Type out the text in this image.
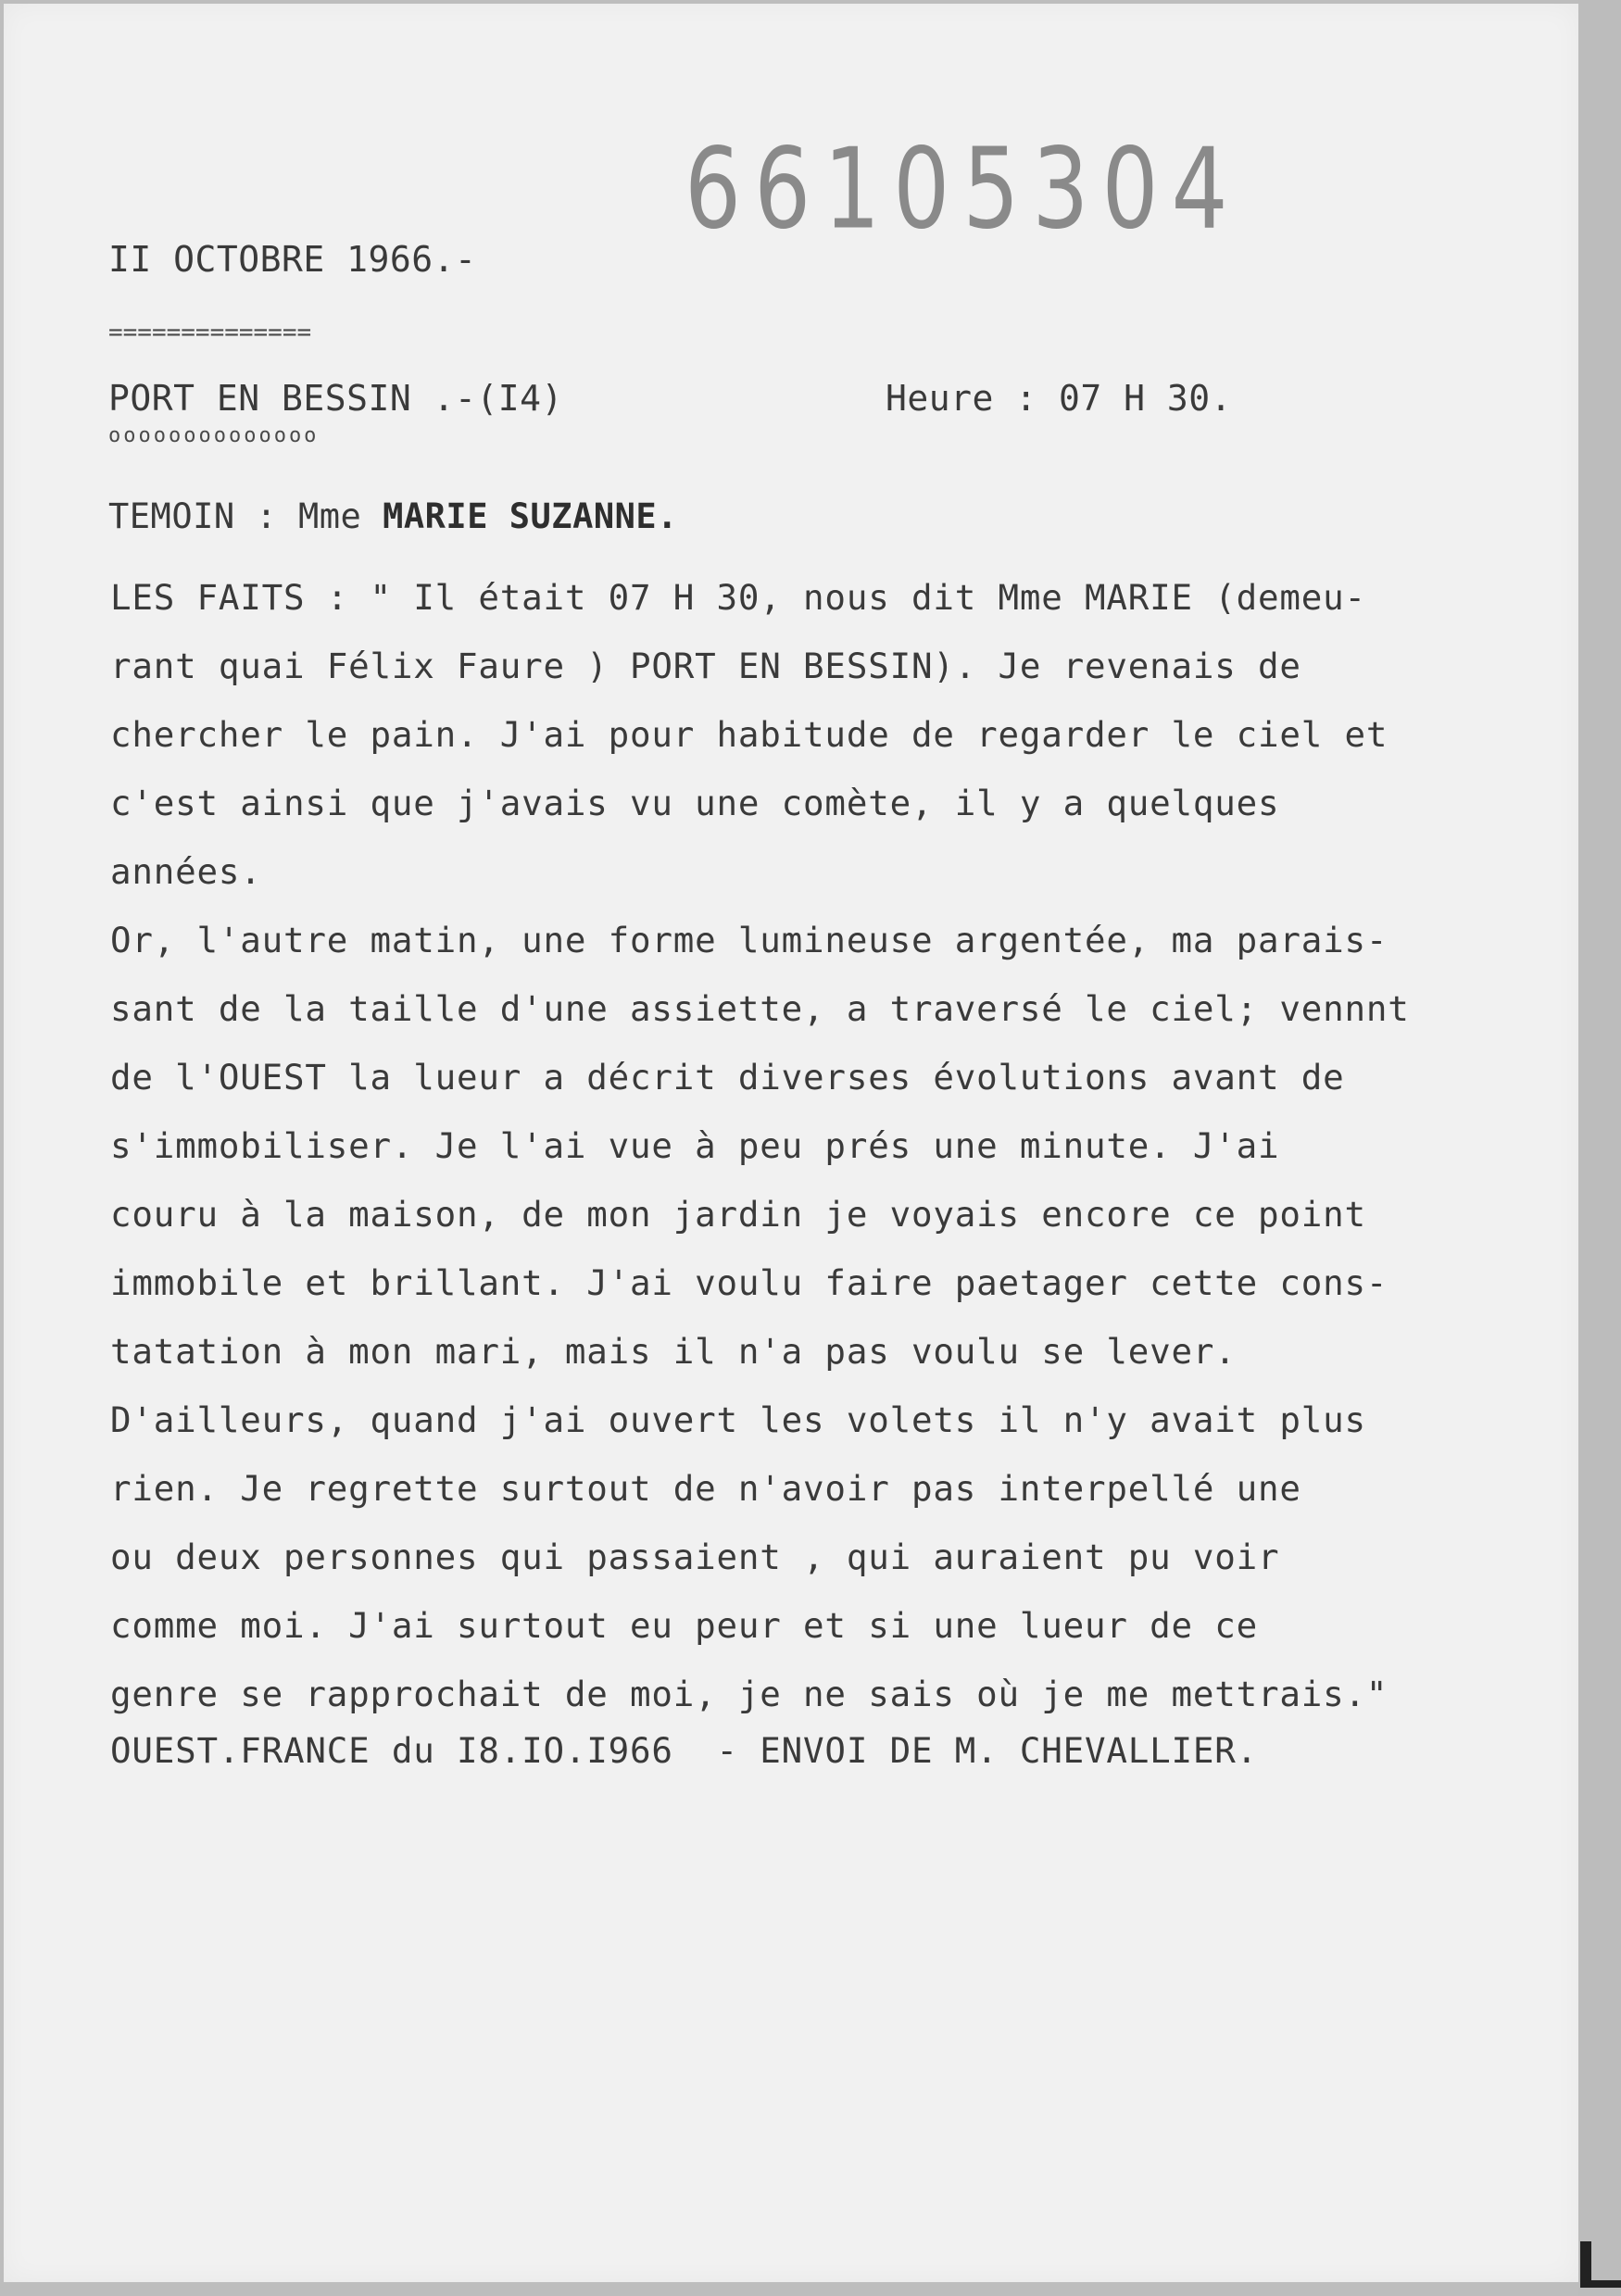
66105304
II OCTOBRE 1966.-
==============
PORT EN BESSIN .-(I4)	Heure : 07 H 30.
oooooooooooooo
TEMOIN : Mme MARIE SUZANNE.
LES FAITS : " Il était 07 H 30, nous dit Mme MARIE (demeu-
rant quai Félix Faure ) PORT EN BESSIN). Je revenais de
chercher le pain. J'ai pour habitude de regarder le ciel et
c'est ainsi que j'avais vu une comète, il y a quelques
années.
Or, l'autre matin, une forme lumineuse argentée, ma parais-
sant de la taille d'une assiette, a traversé le ciel; vennnt
de l'OUEST la lueur a décrit diverses évolutions avant de
s'immobiliser. Je l'ai vue à peu prés une minute. J'ai
couru à la maison, de mon jardin je voyais encore ce point
immobile et brillant. J'ai voulu faire paetager cette cons-
tatation à mon mari, mais il n'a pas voulu se lever.
D'ailleurs, quand j'ai ouvert les volets il n'y avait plus
rien. Je regrette surtout de n'avoir pas interpellé une
ou deux personnes qui passaient , qui auraient pu voir
comme moi. J'ai surtout eu peur et si une lueur de ce
genre se rapprochait de moi, je ne sais où je me mettrais."
OUEST.FRANCE du I8.IO.I966  - ENVOI DE M. CHEVALLIER.
